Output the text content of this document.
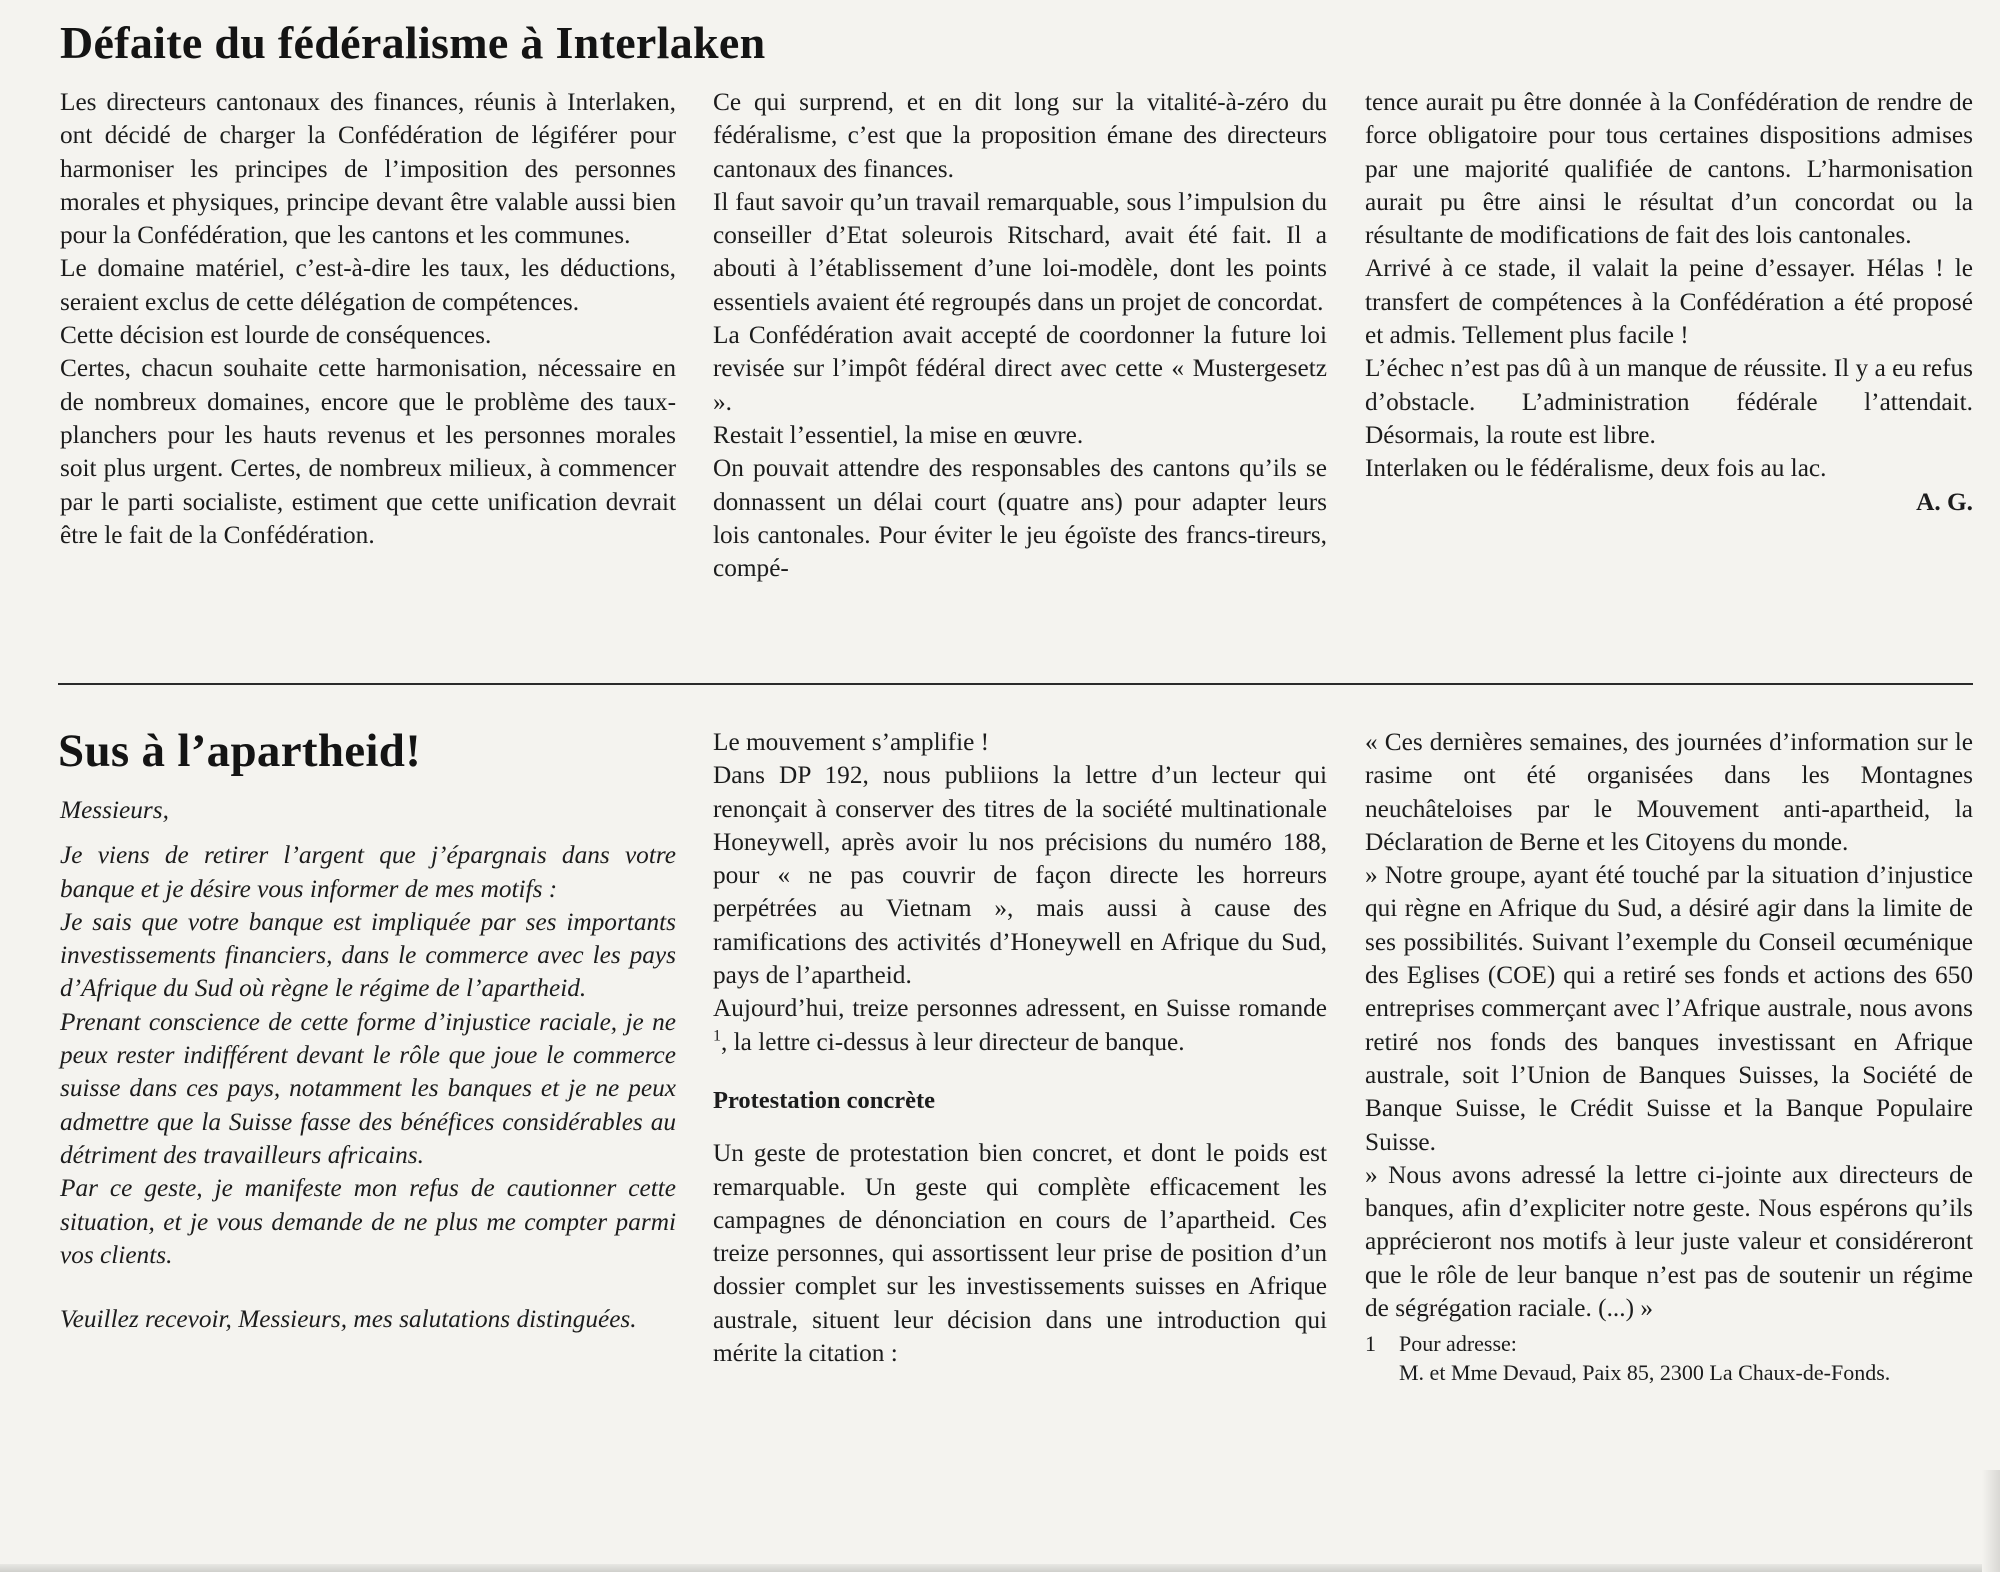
Défaite du fédéralisme à Interlaken

Les directeurs cantonaux des finances, réunis à Interlaken, ont décidé de charger la Confédération de légiférer pour harmoniser les principes de l’imposition des personnes morales et physiques, principe devant être valable aussi bien pour la Confédération, que les cantons et les communes.

Le domaine matériel, c’est-à-dire les taux, les déductions, seraient exclus de cette délégation de compétences.

Cette décision est lourde de conséquences.

Certes, chacun souhaite cette harmonisation, nécessaire en de nombreux domaines, encore que le problème des taux-planchers pour les hauts revenus et les personnes morales soit plus urgent. Certes, de nombreux milieux, à commencer par le parti socialiste, estiment que cette unification devrait être le fait de la Confédération.

Ce qui surprend, et en dit long sur la vitalité-à-zéro du fédéralisme, c’est que la proposition émane des directeurs cantonaux des finances.

Il faut savoir qu’un travail remarquable, sous l’impulsion du conseiller d’Etat soleurois Ritschard, avait été fait. Il a abouti à l’établissement d’une loi-modèle, dont les points essentiels avaient été regroupés dans un projet de concordat.

La Confédération avait accepté de coordonner la future loi revisée sur l’impôt fédéral direct avec cette « Mustergesetz ».

Restait l’essentiel, la mise en œuvre.

On pouvait attendre des responsables des cantons qu’ils se donnassent un délai court (quatre ans) pour adapter leurs lois cantonales. Pour éviter le jeu égoïste des francs-tireurs, compé-

tence aurait pu être donnée à la Confédération de rendre de force obligatoire pour tous certaines dispositions admises par une majorité qualifiée de cantons. L’harmonisation aurait pu être ainsi le résultat d’un concordat ou la résultante de modifications de fait des lois cantonales.

Arrivé à ce stade, il valait la peine d’essayer. Hélas ! le transfert de compétences à la Confédération a été proposé et admis. Tellement plus facile !

L’échec n’est pas dû à un manque de réussite. Il y a eu refus d’obstacle. L’administration fédérale l’attendait. Désormais, la route est libre.

Interlaken ou le fédéralisme, deux fois au lac.

A. G.

Sus à l’apartheid!

Messieurs,

Je viens de retirer l’argent que j’épargnais dans votre banque et je désire vous informer de mes motifs :

Je sais que votre banque est impliquée par ses importants investissements financiers, dans le commerce avec les pays d’Afrique du Sud où règne le régime de l’apartheid.

Prenant conscience de cette forme d’injustice raciale, je ne peux rester indifférent devant le rôle que joue le commerce suisse dans ces pays, notamment les banques et je ne peux admettre que la Suisse fasse des bénéfices considérables au détriment des travailleurs africains.

Par ce geste, je manifeste mon refus de cautionner cette situation, et je vous demande de ne plus me compter parmi vos clients.

Veuillez recevoir, Messieurs, mes salutations distinguées.

Le mouvement s’amplifie !

Dans DP 192, nous publiions la lettre d’un lecteur qui renonçait à conserver des titres de la société multinationale Honeywell, après avoir lu nos précisions du numéro 188, pour « ne pas couvrir de façon directe les horreurs perpétrées au Vietnam », mais aussi à cause des ramifications des activités d’Honeywell en Afrique du Sud, pays de l’apartheid.

Aujourd’hui, treize personnes adressent, en Suisse romande $^1$, la lettre ci-dessus à leur directeur de banque.

Protestation concrète

Un geste de protestation bien concret, et dont le poids est remarquable. Un geste qui complète efficacement les campagnes de dénonciation en cours de l’apartheid. Ces treize personnes, qui assortissent leur prise de position d’un dossier complet sur les investissements suisses en Afrique australe, situent leur décision dans une introduction qui mérite la citation :

« Ces dernières semaines, des journées d’information sur le rasime ont été organisées dans les Montagnes neuchâteloises par le Mouvement anti-apartheid, la Déclaration de Berne et les Citoyens du monde.

» Notre groupe, ayant été touché par la situation d’injustice qui règne en Afrique du Sud, a désiré agir dans la limite de ses possibilités. Suivant l’exemple du Conseil œcuménique des Eglises (COE) qui a retiré ses fonds et actions des 650 entreprises commerçant avec l’Afrique australe, nous avons retiré nos fonds des banques investissant en Afrique australe, soit l’Union de Banques Suisses, la Société de Banque Suisse, le Crédit Suisse et la Banque Populaire Suisse.

» Nous avons adressé la lettre ci-jointe aux directeurs de banques, afin d’expliciter notre geste. Nous espérons qu’ils apprécieront nos motifs à leur juste valeur et considéreront que le rôle de leur banque n’est pas de soutenir un régime de ségrégation raciale. (...) »

1 Pour adresse:
M. et Mme Devaud, Paix 85, 2300 La Chaux-de-Fonds.
